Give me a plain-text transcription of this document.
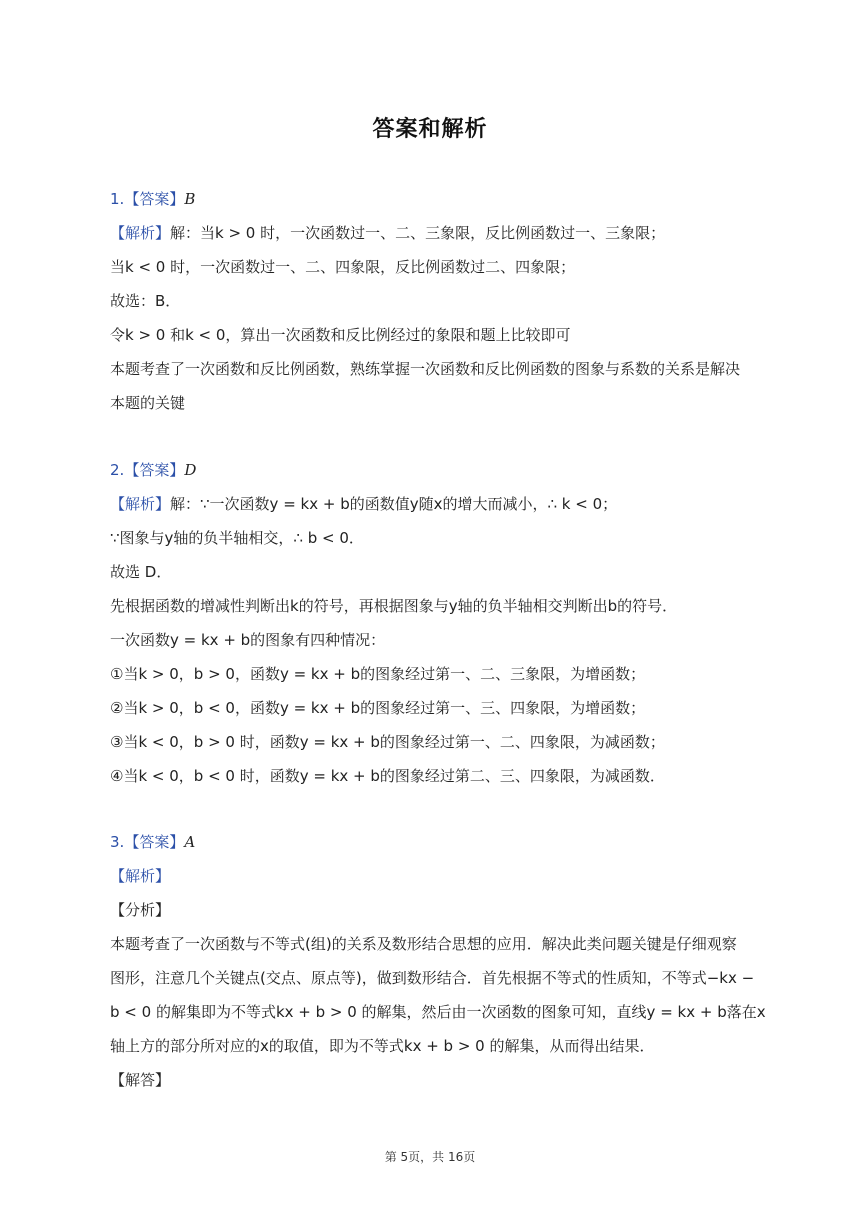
答案和解析
1.【答案】B
【解析】解：当k > 0 时，一次函数过一、二、三象限，反比例函数过一、三象限；
当k < 0 时，一次函数过一、二、四象限，反比例函数过二、四象限；
故选：B．
令k > 0 和k < 0，算出一次函数和反比例经过的象限和题上比较即可
本题考查了一次函数和反比例函数，熟练掌握一次函数和反比例函数的图象与系数的关系是解决
本题的关键
2.【答案】D
【解析】解：∵一次函数y = kx + b的函数值y随x的增大而减小，∴ k < 0；
∵图象与y轴的负半轴相交，∴ b < 0．
故选 D．
先根据函数的增减性判断出k的符号，再根据图象与y轴的负半轴相交判断出b的符号．
一次函数y = kx + b的图象有四种情况：
①当k > 0，b > 0，函数y = kx + b的图象经过第一、二、三象限，为增函数；
②当k > 0，b < 0，函数y = kx + b的图象经过第一、三、四象限，为增函数；
③当k < 0，b > 0 时，函数y = kx + b的图象经过第一、二、四象限，为减函数；
④当k < 0，b < 0 时，函数y = kx + b的图象经过第二、三、四象限，为减函数．
3.【答案】A
【解析】
【分析】
本题考查了一次函数与不等式(组)的关系及数形结合思想的应用．解决此类问题关键是仔细观察
图形，注意几个关键点(交点、原点等)，做到数形结合．首先根据不等式的性质知，不等式−kx −
b < 0 的解集即为不等式kx + b > 0 的解集，然后由一次函数的图象可知，直线y = kx + b落在x
轴上方的部分所对应的x的取值，即为不等式kx + b > 0 的解集，从而得出结果．
【解答】
第 5页，共 16页
